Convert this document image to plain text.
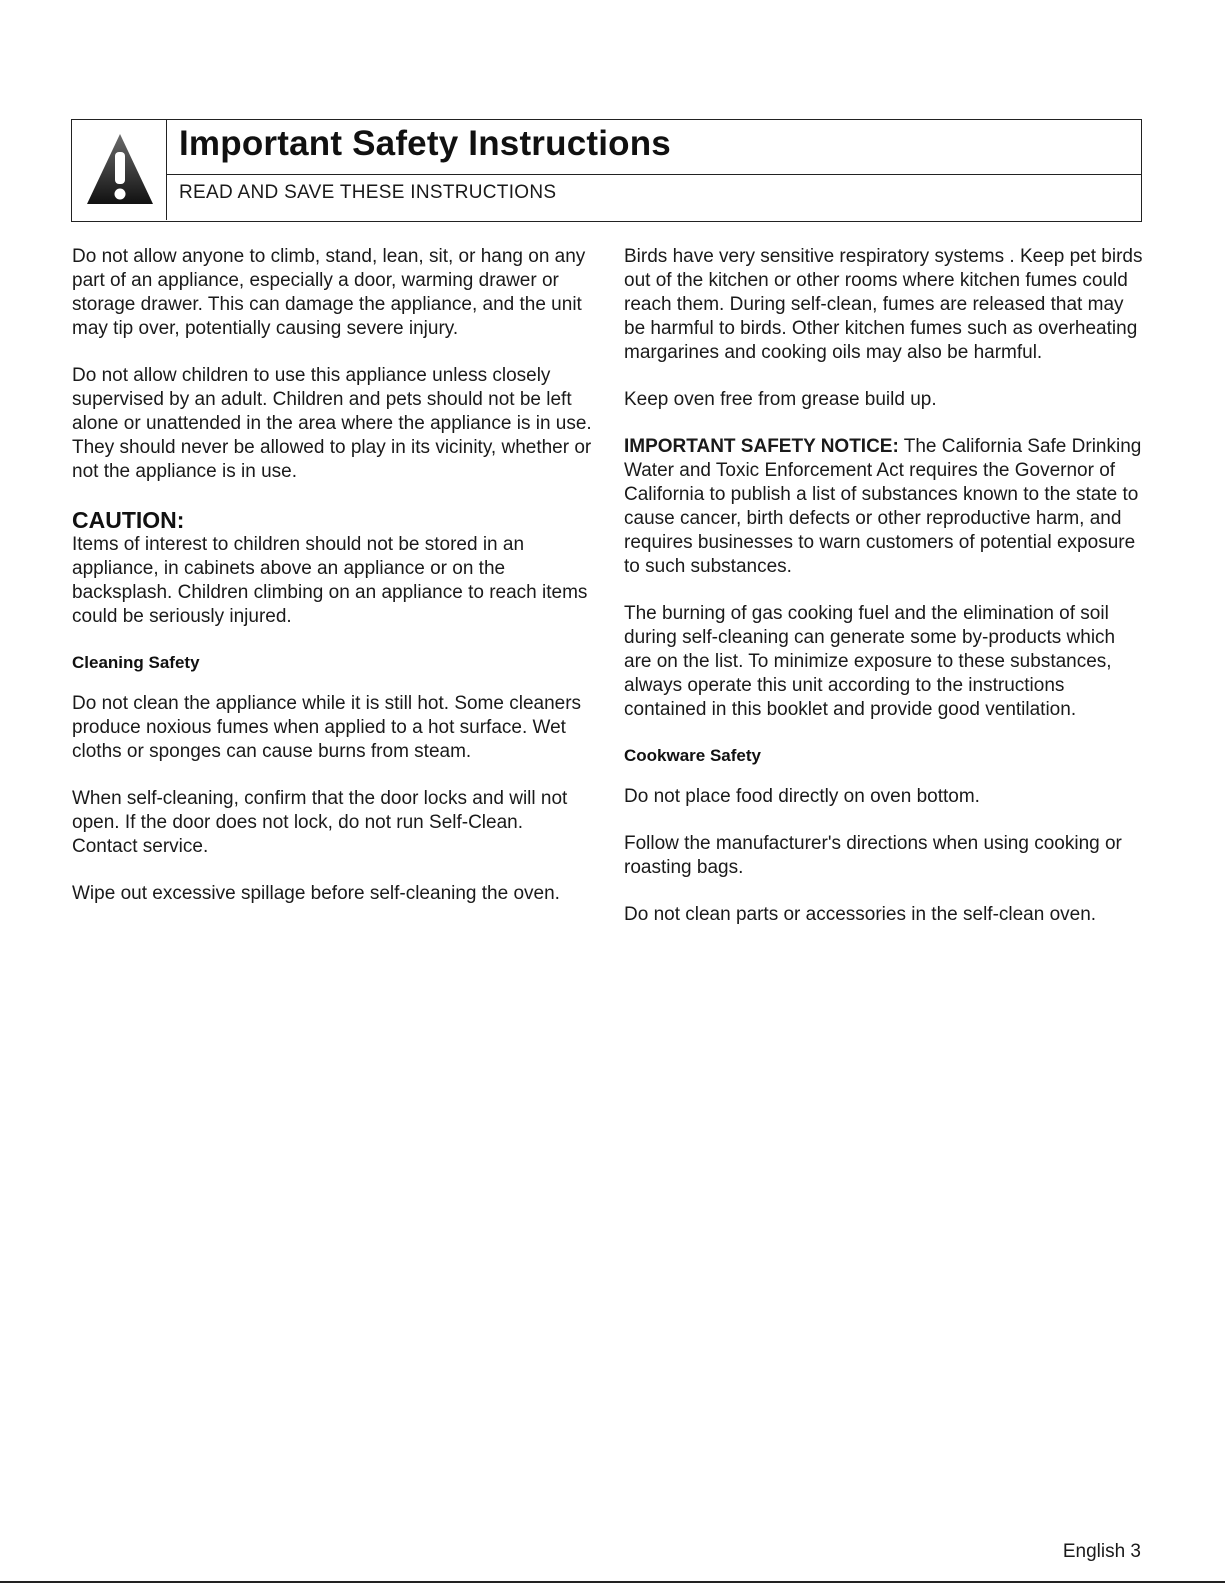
Important Safety Instructions
READ AND SAVE THESE INSTRUCTIONS

Do not allow anyone to climb, stand, lean, sit, or hang on any part of an appliance, especially a door, warming drawer or storage drawer. This can damage the appliance, and the unit may tip over, potentially causing severe injury.

Do not allow children to use this appliance unless closely supervised by an adult. Children and pets should not be left alone or unattended in the area where the appliance is in use. They should never be allowed to play in its vicinity, whether or not the appliance is in use.

CAUTION:

Items of interest to children should not be stored in an appliance, in cabinets above an appliance or on the backsplash. Children climbing on an appliance to reach items could be seriously injured.

Cleaning Safety

Do not clean the appliance while it is still hot. Some cleaners produce noxious fumes when applied to a hot surface. Wet cloths or sponges can cause burns from steam.

When self-cleaning, confirm that the door locks and will not open. If the door does not lock, do not run Self-Clean. Contact service.

Wipe out excessive spillage before self-cleaning the oven.

Birds have very sensitive respiratory systems . Keep pet birds out of the kitchen or other rooms where kitchen fumes could reach them. During self-clean, fumes are released that may be harmful to birds. Other kitchen fumes such as overheating margarines and cooking oils may also be harmful.

Keep oven free from grease build up.

IMPORTANT SAFETY NOTICE: The California Safe Drinking Water and Toxic Enforcement Act requires the Governor of California to publish a list of substances known to the state to cause cancer, birth defects or other reproductive harm, and requires businesses to warn customers of potential exposure to such substances.

The burning of gas cooking fuel and the elimination of soil during self-cleaning can generate some by-products which are on the list. To minimize exposure to these substances, always operate this unit according to the instructions contained in this booklet and provide good ventilation.

Cookware Safety

Do not place food directly on oven bottom.

Follow the manufacturer's directions when using cooking or roasting bags.

Do not clean parts or accessories in the self-clean oven.

English 3
